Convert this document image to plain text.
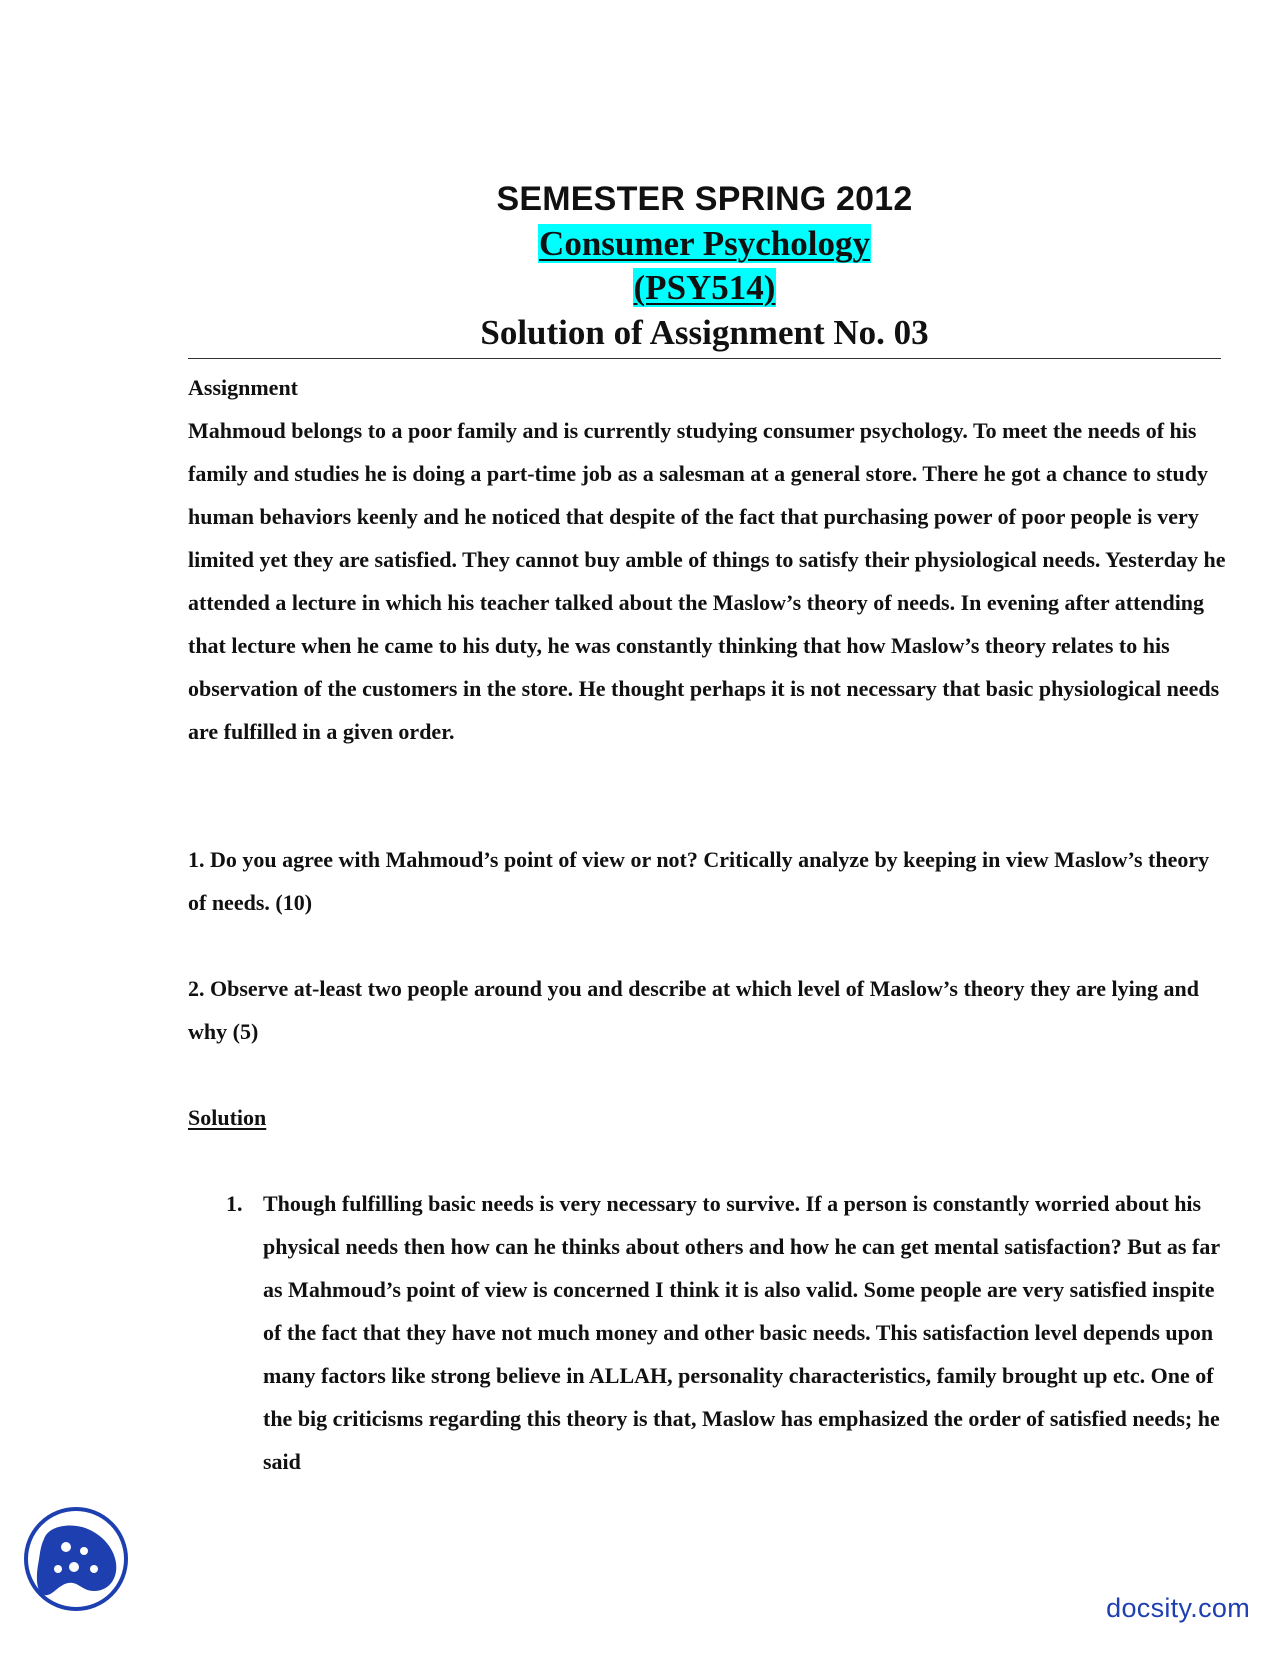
SEMESTER SPRING 2012

Consumer Psychology

(PSY514)

Solution of Assignment No. 03

Assignment

Mahmoud belongs to a poor family and is currently studying consumer psychology. To meet the needs of his family and studies he is doing a part-time job as a salesman at a general store. There he got a chance to study human behaviors keenly and he noticed that despite of the fact that purchasing power of poor people is very limited yet they are satisfied. They cannot buy amble of things to satisfy their physiological needs. Yesterday he attended a lecture in which his teacher talked about the Maslow’s theory of needs. In evening after attending that lecture when he came to his duty, he was constantly thinking that how Maslow’s theory relates to his observation of the customers in the store. He thought perhaps it is not necessary that basic physiological needs are fulfilled in a given order.

1. Do you agree with Mahmoud’s point of view or not? Critically analyze by keeping in view Maslow’s theory of needs. (10)

2. Observe at-least two people around you and describe at which level of Maslow’s theory they are lying and why (5)

Solution

1. Though fulfilling basic needs is very necessary to survive. If a person is constantly worried about his physical needs then how can he thinks about others and how he can get mental satisfaction? But as far as Mahmoud’s point of view is concerned I think it is also valid. Some people are very satisfied inspite of the fact that they have not much money and other basic needs. This satisfaction level depends upon many factors like strong believe in ALLAH, personality characteristics, family brought up etc. One of the big criticisms regarding this theory is that, Maslow has emphasized the order of satisfied needs; he said

docsity.com
